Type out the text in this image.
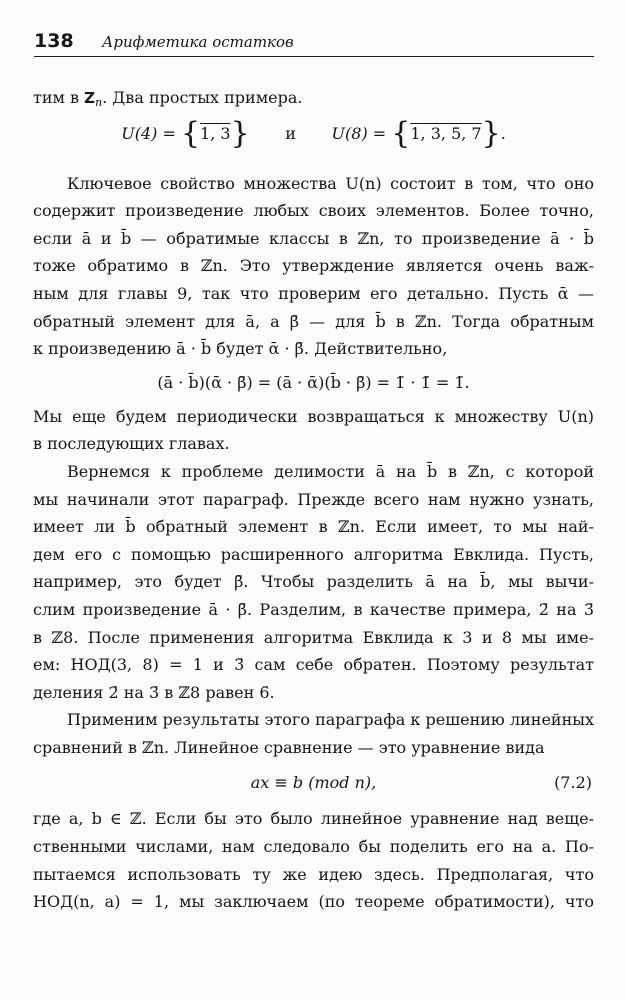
138 Арифметика остатков
тим в $Z_n$. Два простых примера.
U(4) = {1, 3} и U(8) = {1, 3, 5, 7}.
Ключевое свойство множества U(n) состоит в том, что оно
содержит произведение любых своих элементов. Более точно,
если ā и b̄ — обратимые классы в ℤn, то произведение ā · b̄
тоже обратимо в ℤn. Это утверждение является очень важ-
ным для главы 9, так что проверим его детально. Пусть ᾱ —
обратный элемент для ā, а β̄ — для b̄ в ℤn. Тогда обратным
к произведению ā · b̄ будет ᾱ · β̄. Действительно,
(ā · b̄)(ᾱ · β̄) = (ā · ᾱ)(b̄ · β̄) = 1̄ · 1̄ = 1̄.
Мы еще будем периодически возвращаться к множеству U(n)
в последующих главах.
Вернемся к проблеме делимости ā на b̄ в ℤn, с которой
мы начинали этот параграф. Прежде всего нам нужно узнать,
имеет ли b̄ обратный элемент в ℤn. Если имеет, то мы най-
дем его с помощью расширенного алгоритма Евклида. Пусть,
например, это будет β̄. Чтобы разделить ā на b̄, мы вычи-
слим произведение ā · β̄. Разделим, в качестве примера, 2̄ на 3̄
в ℤ8. После применения алгоритма Евклида к 3 и 8 мы име-
ем: НОД(3, 8) = 1 и 3̄ сам себе обратен. Поэтому результат
деления 2̄ на 3̄ в ℤ8 равен 6̄.
Применим результаты этого параграфа к решению линейных
сравнений в ℤn. Линейное сравнение — это уравнение вида
ax ≡ b (mod n),	(7.2)
где a, b ∈ ℤ. Если бы это было линейное уравнение над веще-
ственными числами, нам следовало бы поделить его на a. По-
пытаемся использовать ту же идею здесь. Предполагая, что
НОД(n, a) = 1, мы заключаем (по теореме обратимости), что
